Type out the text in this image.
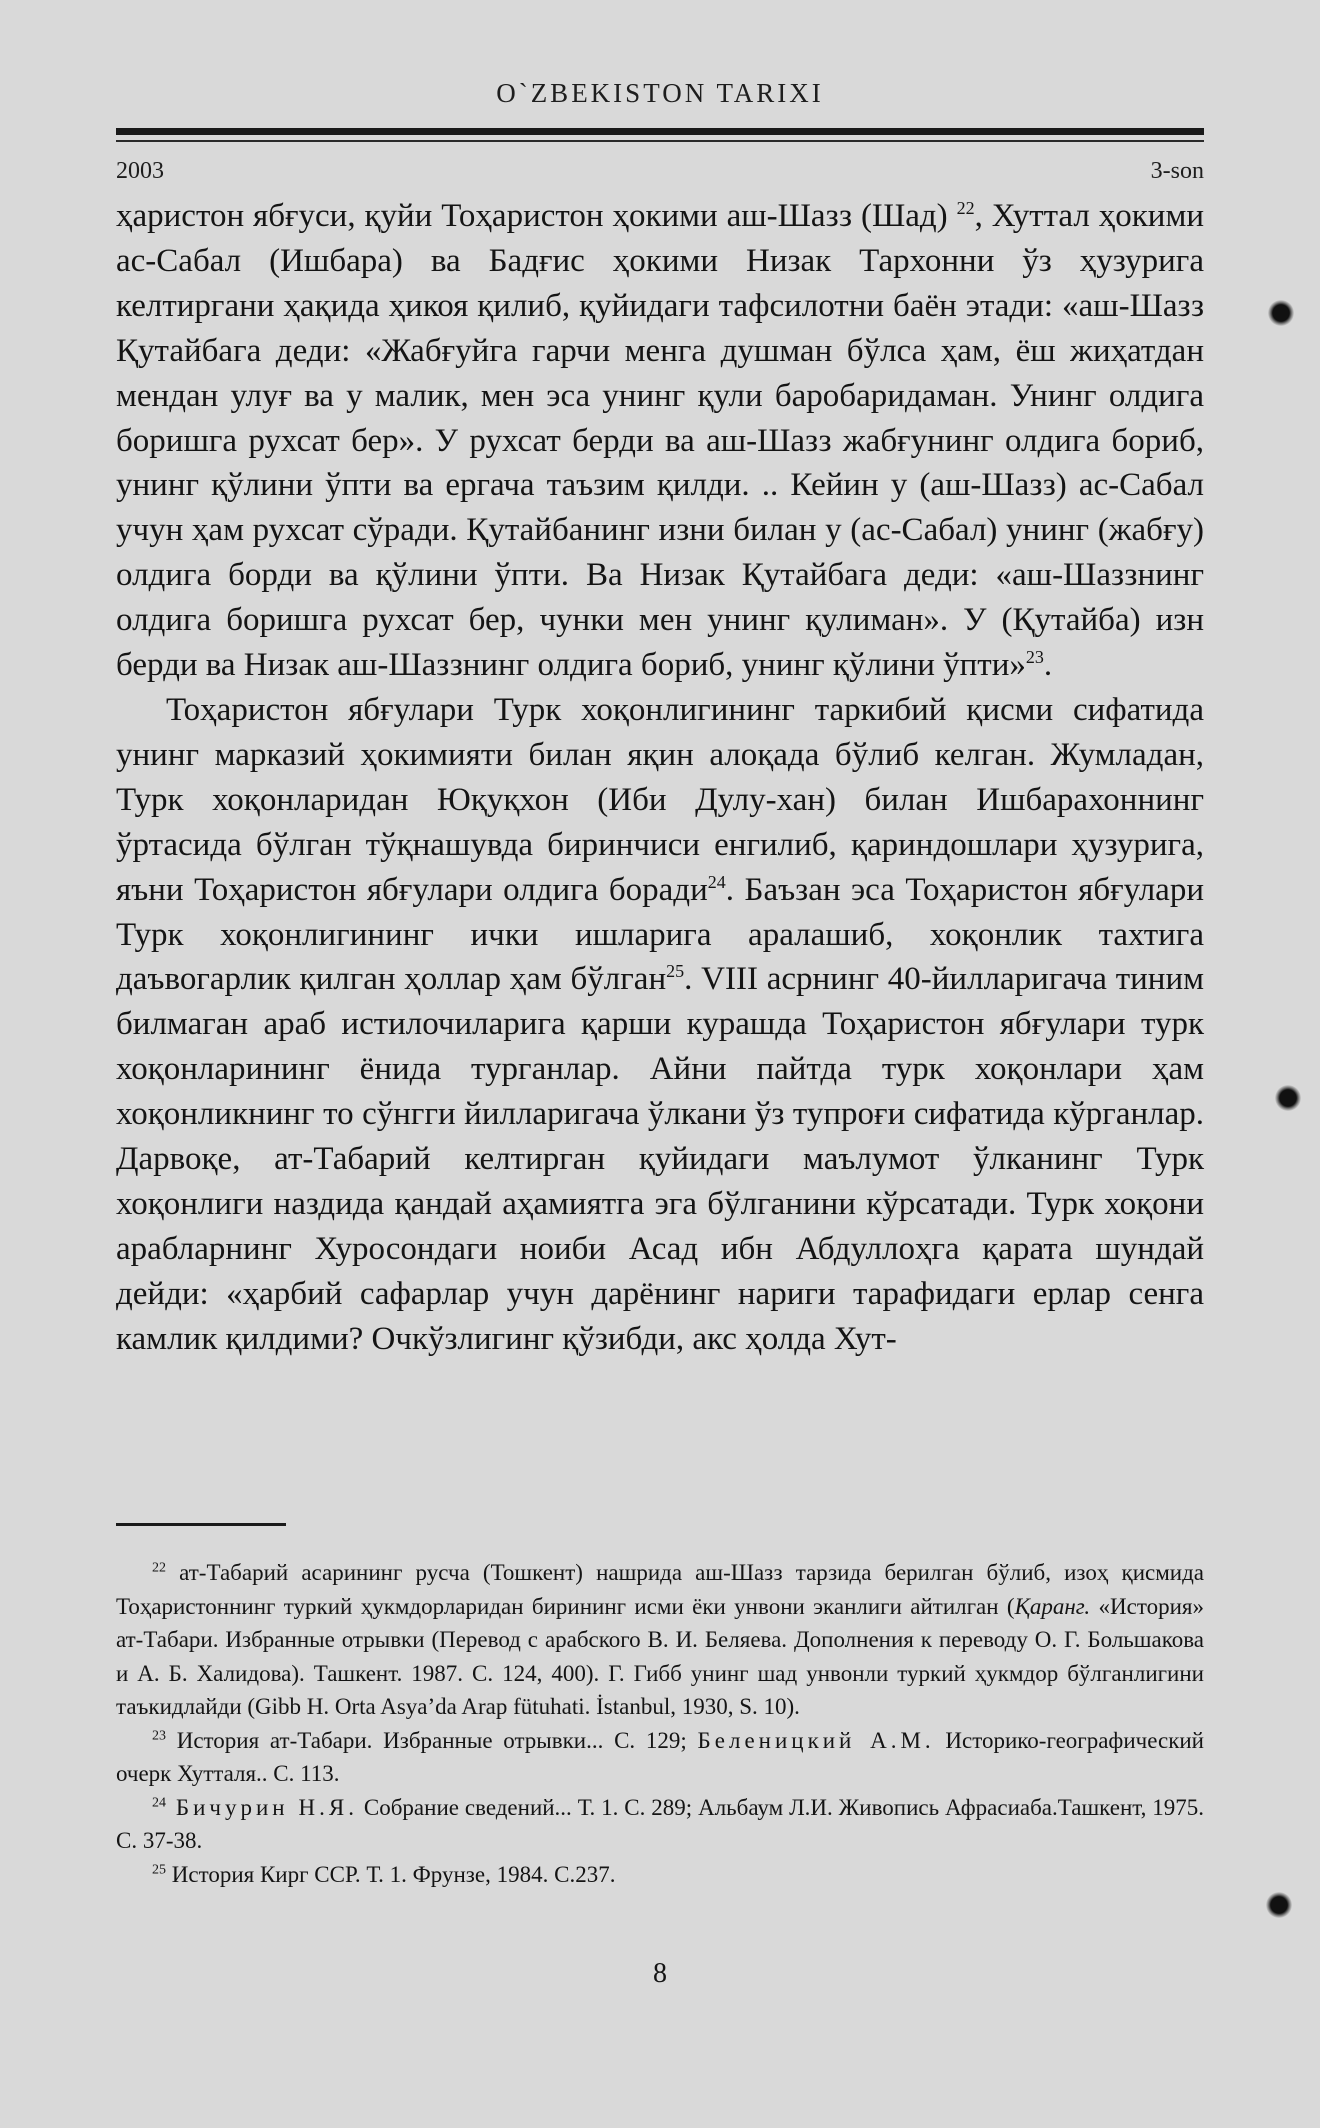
O`ZBEKISTON TARIXI
2003	3-son

ҳаристон ябғуси, қуйи Тоҳаристон ҳокими аш-Шазз (Шад) $^{22}$, Хуттал ҳокими ас-Сабал (Ишбара) ва Бадғис ҳокими Низак Тархонни ўз ҳузурига келтиргани ҳақида ҳикоя қилиб, қуйидаги тафсилотни баён этади: «аш-Шазз Қутайбага деди: «Жабғуйга гарчи менга душман бўлса ҳам, ёш жиҳатдан мендан улуғ ва у малик, мен эса унинг қули баробаридаман. Унинг олдига боришга рухсат бер». У рухсат берди ва аш-Шазз жабғунинг олдига бориб, унинг қўлини ўпти ва ергача таъзим қилди. .. Кейин у (аш-Шазз) ас-Сабал учун ҳам рухсат сўради. Қутайбанинг изни билан у (ас-Сабал) унинг (жабғу) олдига борди ва қўлини ўпти. Ва Низак Қутайбага деди: «аш-Шаззнинг олдига боришга рухсат бер, чунки мен унинг қулиман». У (Қутайба) изн берди ва Низак аш-Шаззнинг олдига бориб, унинг қўлини ўпти»$^{23}$.

Тоҳаристон ябғулари Турк хоқонлигининг таркибий қисми сифатида унинг марказий ҳокимияти билан яқин алоқада бўлиб келган. Жумладан, Турк хоқонларидан Юқуқхон (Иби Дулу-хан) билан Ишбарахоннинг ўртасида бўлган тўқнашувда биринчиси енгилиб, қариндошлари ҳузурига, яъни Тоҳаристон ябғулари олдига боради$^{24}$. Баъзан эса Тоҳаристон ябғулари Турк хоқонлигининг ички ишларига аралашиб, хоқонлик тахтига даъвогарлик қилган ҳоллар ҳам бўлган$^{25}$. VIII асрнинг 40-йилларигача тиним билмаган араб истилочиларига қарши курашда Тоҳаристон ябғулари турк хоқонларининг ёнида турганлар. Айни пайтда турк хоқонлари ҳам хоқонликнинг то сўнгги йилларигача ўлкани ўз тупроғи сифатида кўрганлар. Дарвоқе, ат-Табарий келтирган қуйидаги маълумот ўлканинг Турк хоқонлиги наздида қандай аҳамиятга эга бўлганини кўрсатади. Турк хоқони арабларнинг Хуросондаги ноиби Асад ибн Абдуллоҳга қарата шундай дейди: «ҳарбий сафарлар учун дарёнинг нариги тарафидаги ерлар сенга камлик қилдими? Очкўзлигинг қўзибди, акс ҳолда Хут-

$^{22}$ ат-Табарий асарининг русча (Тошкент) нашрида аш-Шазз тарзида берилган бўлиб, изоҳ қисмида Тоҳаристоннинг туркий ҳукмдорларидан бирининг исми ёки унвони эканлиги айтилган (Қаранг. «История» ат-Табари. Избранные отрывки (Перевод с арабского В. И. Беляева. Дополнения к переводу О. Г. Большакова и А. Б. Халидова). Ташкент. 1987. С. 124, 400). Г. Гибб унинг шад унвонли туркий ҳукмдор бўлганлигини таъкидлайди (Gibb H. Orta Asya’da Arap fütuhati. İstanbul, 1930, S. 10).

$^{23}$ История ат-Табари. Избранные отрывки... С. 129; Беленицкий А.М. Историко-географический очерк Хутталя.. С. 113.

$^{24}$ Бичурин Н.Я. Собрание сведений... Т. 1. С. 289; Альбаум Л.И. Живопись Афрасиаба.Ташкент, 1975. С. 37-38.

$^{25}$ История Кирг ССР. Т. 1. Фрунзе, 1984. С.237.

8
